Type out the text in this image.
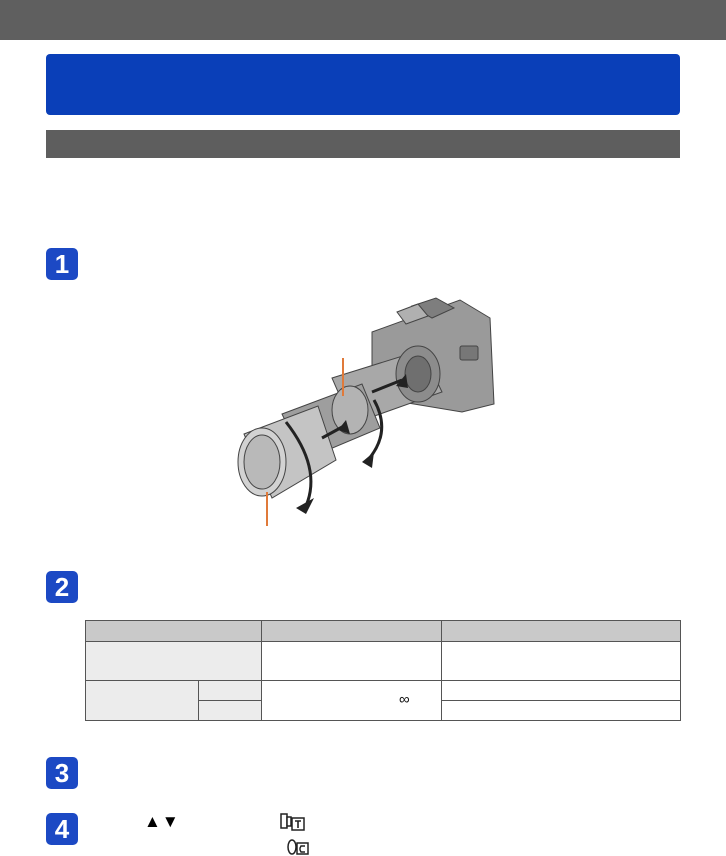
1
2

∞
3
4	▲▼
